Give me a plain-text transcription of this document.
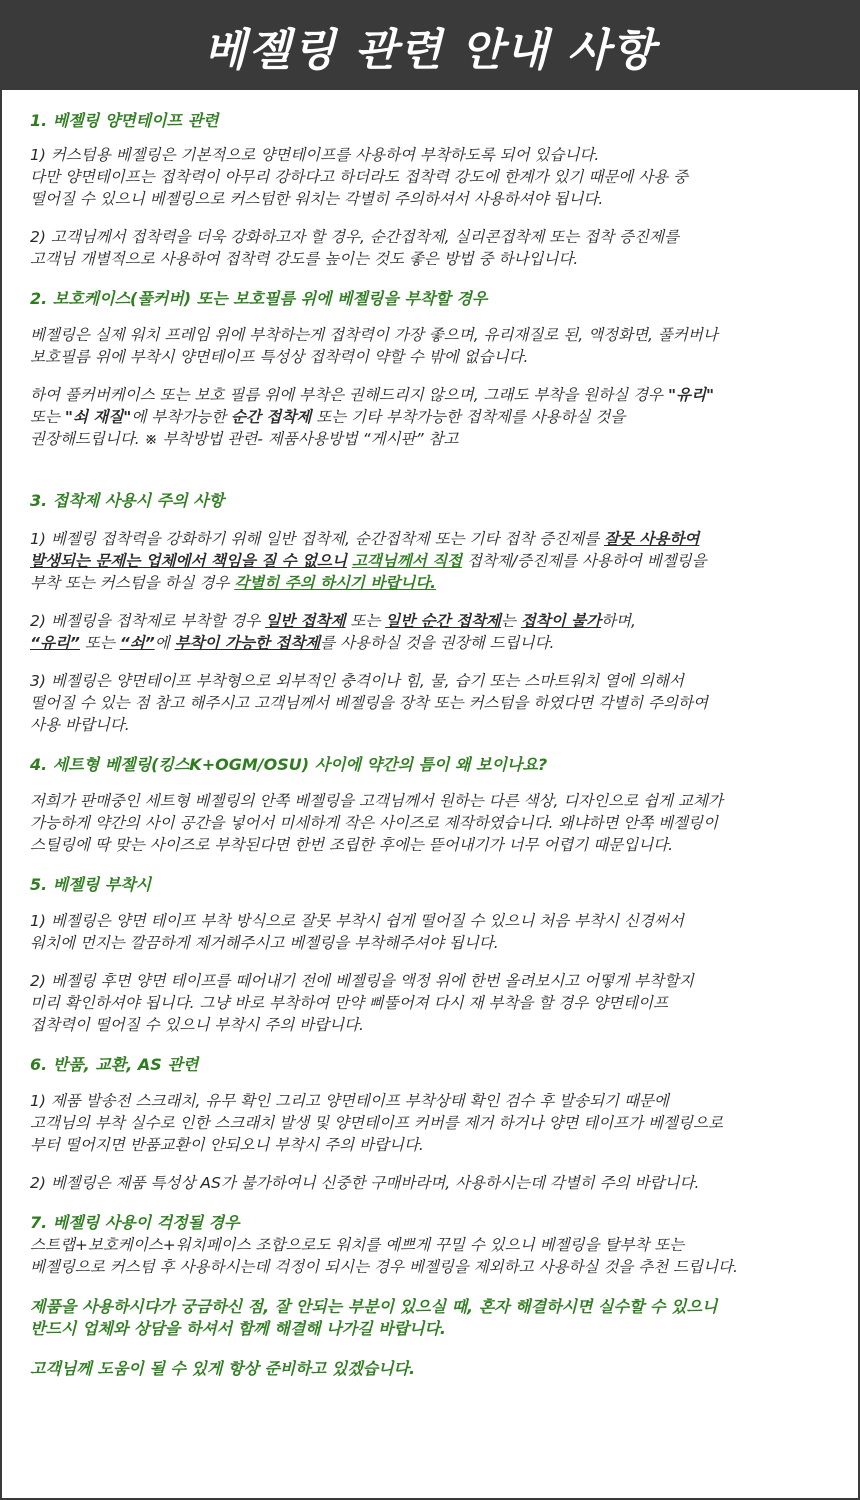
베젤링 관련 안내 사항

1. 베젤링 양면테이프 관련

1) 커스텀용 베젤링은 기본적으로 양면테이프를 사용하여 부착하도록 되어 있습니다.

다만 양면테이프는 접착력이 아무리 강하다고 하더라도 접착력 강도에 한계가 있기 때문에 사용 중

떨어질 수 있으니 베젤링으로 커스텀한 워치는 각별히 주의하셔서 사용하셔야 됩니다.

2) 고객님께서 접착력을 더욱 강화하고자 할 경우, 순간접착제, 실리콘접착제 또는 접착 증진제를

고객님 개별적으로 사용하여 접착력 강도를 높이는 것도 좋은 방법 중 하나입니다.

2. 보호케이스(풀커버) 또는 보호필름 위에 베젤링을 부착할 경우

베젤링은 실제 워치 프레임 위에 부착하는게 접착력이 가장 좋으며, 유리재질로 된, 액정화면, 풀커버나

보호필름 위에 부착시 양면테이프 특성상 접착력이 약할 수 밖에 없습니다.

하여 풀커버케이스 또는 보호 필름 위에 부착은 권해드리지 않으며, 그래도 부착을 원하실 경우 "유리"

또는 "쇠 재질"에 부착가능한 순간 접착제 또는 기타 부착가능한 접착제를 사용하실 것을

권장해드립니다. ※ 부착방법 관련- 제품사용방법 “게시판” 참고

3. 접착제 사용시 주의 사항

1) 베젤링 접착력을 강화하기 위해 일반 접착제, 순간접착제 또는 기타 접착 증진제를 잘못 사용하여

발생되는 문제는 업체에서 책임을 질 수 없으니 고객님께서 직접 접착제/증진제를 사용하여 베젤링을

부착 또는 커스텀을 하실 경우 각별히 주의 하시기 바랍니다.

2) 베젤링을 접착제로 부착할 경우 일반 접착제 또는 일반 순간 접착제는 접착이 불가하며,

“유리” 또는 “쇠”에 부착이 가능한 접착제를 사용하실 것을 권장해 드립니다.

3) 베젤링은 양면테이프 부착형으로 외부적인 충격이나 힘, 물, 습기 또는 스마트워치 열에 의해서

떨어질 수 있는 점 참고 해주시고 고객님께서 베젤링을 장착 또는 커스텀을 하였다면 각별히 주의하여

사용 바랍니다.

4. 세트형 베젤링(킹스K+OGM/OSU) 사이에 약간의 틈이 왜 보이나요?

저희가 판매중인 세트형 베젤링의 안쪽 베젤링을 고객님께서 원하는 다른 색상, 디자인으로 쉽게 교체가

가능하게 약간의 사이 공간을 넣어서 미세하게 작은 사이즈로 제작하였습니다. 왜냐하면 안쪽 베젤링이

스틸링에 딱 맞는 사이즈로 부착된다면 한번 조립한 후에는 뜯어내기가 너무 어렵기 때문입니다.

5. 베젤링 부착시

1) 베젤링은 양면 테이프 부착 방식으로 잘못 부착시 쉽게 떨어질 수 있으니 처음 부착시 신경써서

워치에 먼지는 깔끔하게 제거해주시고 베젤링을 부착해주셔야 됩니다.

2) 베젤링 후면 양면 테이프를 떼어내기 전에 베젤링을 액정 위에 한번 올려보시고 어떻게 부착할지

미리 확인하셔야 됩니다. 그냥 바로 부착하여 만약 삐뚤어져 다시 재 부착을 할 경우 양면테이프

접착력이 떨어질 수 있으니 부착시 주의 바랍니다.

6. 반품, 교환, AS 관련

1) 제품 발송전 스크래치, 유무 확인 그리고 양면테이프 부착상태 확인 검수 후 발송되기 때문에

고객님의 부착 실수로 인한 스크래치 발생 및 양면테이프 커버를 제거 하거나 양면 테이프가 베젤링으로

부터 떨어지면 반품교환이 안되오니 부착시 주의 바랍니다.

2) 베젤링은 제품 특성상 AS가 불가하여니 신중한 구매바라며, 사용하시는데 각별히 주의 바랍니다.

7. 베젤링 사용이 걱정될 경우

스트랩+보호케이스+워치페이스 조합으로도 워치를 예쁘게 꾸밀 수 있으니 베젤링을 탈부착 또는

베젤링으로 커스텀 후 사용하시는데 걱정이 되시는 경우 베젤링을 제외하고 사용하실 것을 추천 드립니다.

제품을 사용하시다가 궁금하신 점, 잘 안되는 부분이 있으실 때, 혼자 해결하시면 실수할 수 있으니

반드시 업체와 상담을 하셔서 함께 해결해 나가길 바랍니다.

고객님께 도움이 될 수 있게 항상 준비하고 있겠습니다.
